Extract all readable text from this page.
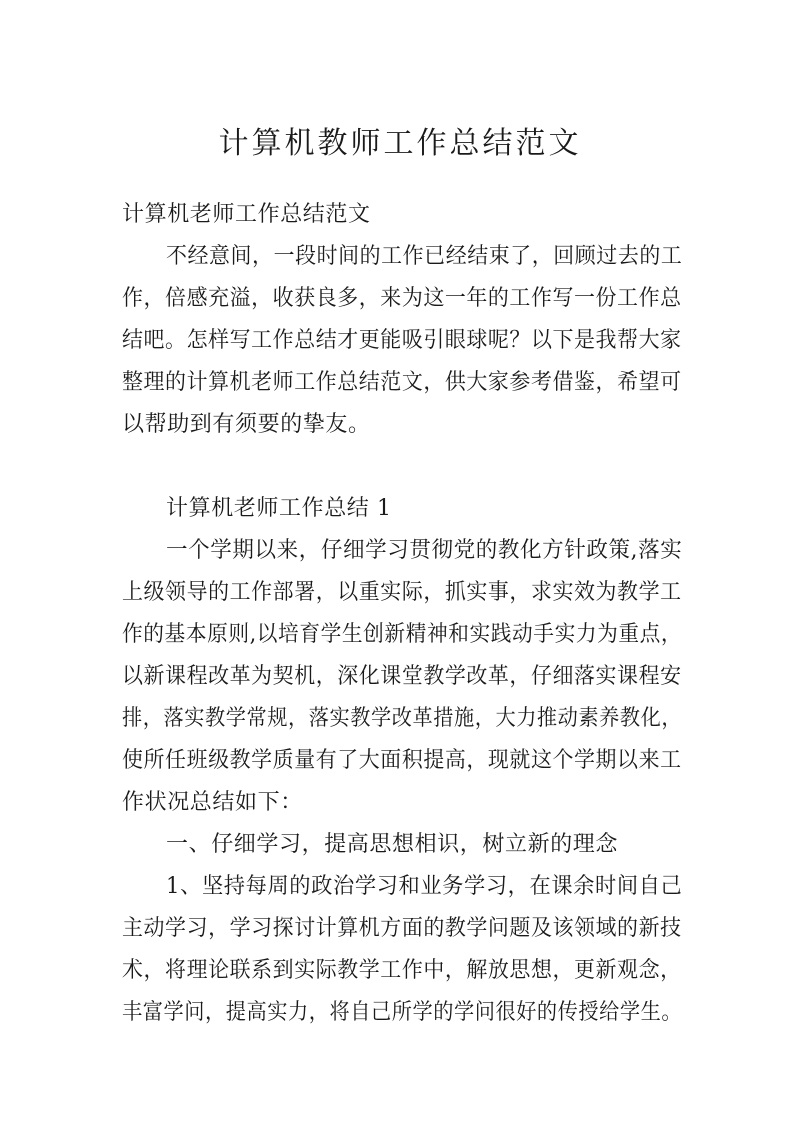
计算机教师工作总结范文
计算机老师工作总结范文
不经意间，一段时间的工作已经结束了，回顾过去的工
作，倍感充溢，收获良多，来为这一年的工作写一份工作总
结吧。怎样写工作总结才更能吸引眼球呢？以下是我帮大家
整理的计算机老师工作总结范文，供大家参考借鉴，希望可
以帮助到有须要的挚友。
计算机老师工作总结 1
一个学期以来，仔细学习贯彻党的教化方针政策,落实
上级领导的工作部署，以重实际，抓实事，求实效为教学工
作的基本原则,以培育学生创新精神和实践动手实力为重点，
以新课程改革为契机，深化课堂教学改革，仔细落实课程安
排，落实教学常规，落实教学改革措施，大力推动素养教化，
使所任班级教学质量有了大面积提高，现就这个学期以来工
作状况总结如下：
一、仔细学习，提高思想相识，树立新的理念
1、坚持每周的政治学习和业务学习，在课余时间自己
主动学习，学习探讨计算机方面的教学问题及该领域的新技
术，将理论联系到实际教学工作中，解放思想，更新观念，
丰富学问，提高实力，将自己所学的学问很好的传授给学生。
